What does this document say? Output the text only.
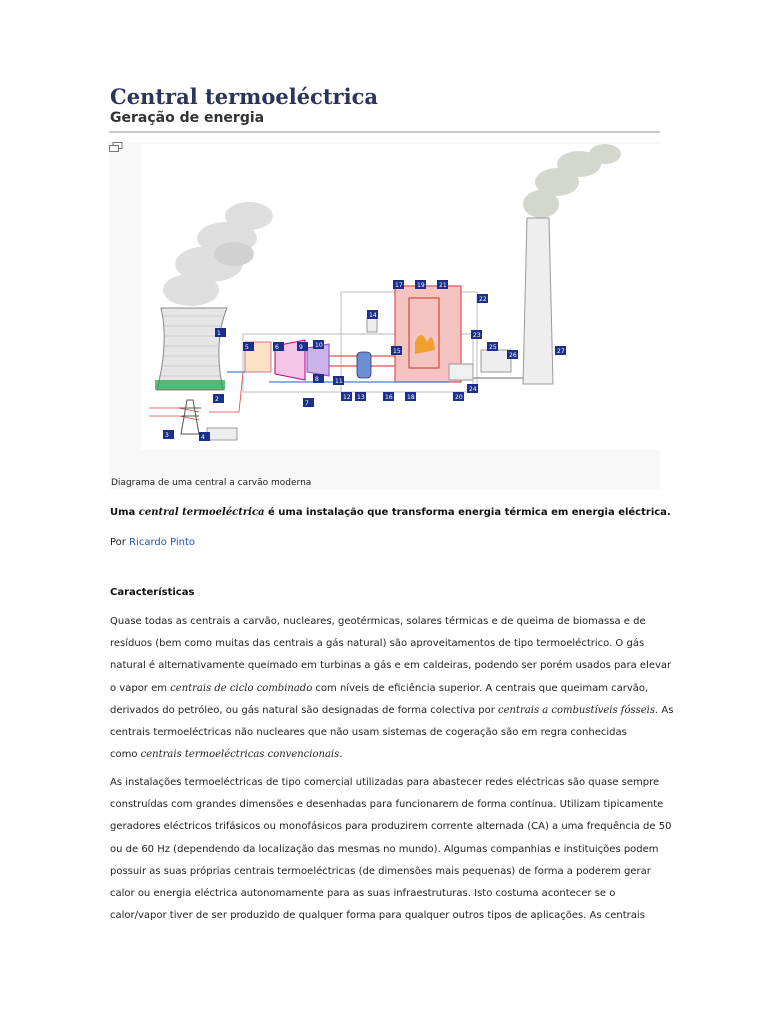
Central termoeléctrica
Geração de energia
1
2
3	4
5	6
7
8
9 10
11
12 13
14
15
16
17
18
19
20
21
22
23
24
25
26
27
Diagrama de uma central a carvão moderna
Uma central termoeléctrica é uma instalação que transforma energia térmica em energia eléctrica.
Por Ricardo Pinto
Características

Quase todas as centrais a carvão, nucleares, geotérmicas, solares térmicas e de queima de biomassa e de
resíduos (bem como muitas das centrais a gás natural) são aproveitamentos de tipo termoeléctrico. O gás
natural é alternativamente queimado em turbinas a gás e em caldeiras, podendo ser porém usados para elevar
o vapor em centrais de ciclo combinado com níveis de eficiência superior. A centrais que queimam carvão,
derivados do petróleo, ou gás natural são designadas de forma colectiva por centrais a combustíveis fósseis. As
centrais termoeléctricas não nucleares que não usam sistemas de cogeração são em regra conhecidas
como centrais termoeléctricas convencionais.

As instalações termoeléctricas de tipo comercial utilizadas para abastecer redes eléctricas são quase sempre
construídas com grandes dimensões e desenhadas para funcionarem de forma contínua. Utilizam tipicamente
geradores eléctricos trifásicos ou monofásicos para produzirem corrente alternada (CA) a uma frequência de 50
ou de 60 Hz (dependendo da localização das mesmas no mundo). Algumas companhias e instituições podem
possuir as suas próprias centrais termoeléctricas (de dimensões mais pequenas) de forma a poderem gerar
calor ou energia eléctrica autonomamente para as suas infraestruturas. Isto costuma acontecer se o
calor/vapor tiver de ser produzido de qualquer forma para qualquer outros tipos de aplicações. As centrais
